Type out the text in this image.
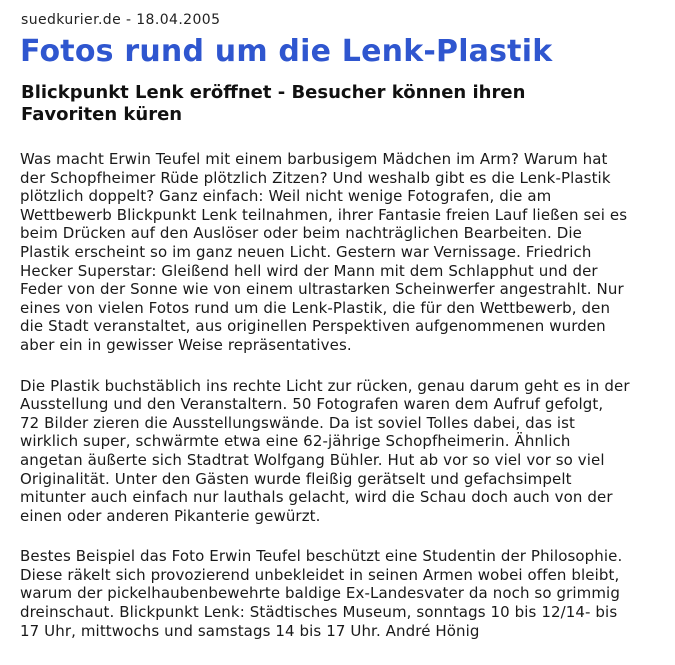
suedkurier.de - 18.04.2005
Fotos rund um die Lenk-Plastik
Blickpunkt Lenk eröffnet - Besucher können ihren
Favoriten küren

Was macht Erwin Teufel mit einem barbusigem Mädchen im Arm? Warum hat
der Schopfheimer Rüde plötzlich Zitzen? Und weshalb gibt es die Lenk-Plastik
plötzlich doppelt? Ganz einfach: Weil nicht wenige Fotografen, die am
Wettbewerb Blickpunkt Lenk teilnahmen, ihrer Fantasie freien Lauf ließen sei es
beim Drücken auf den Auslöser oder beim nachträglichen Bearbeiten. Die
Plastik erscheint so im ganz neuen Licht. Gestern war Vernissage. Friedrich
Hecker Superstar: Gleißend hell wird der Mann mit dem Schlapphut und der
Feder von der Sonne wie von einem ultrastarken Scheinwerfer angestrahlt. Nur
eines von vielen Fotos rund um die Lenk-Plastik, die für den Wettbewerb, den
die Stadt veranstaltet, aus originellen Perspektiven aufgenommenen wurden
aber ein in gewisser Weise repräsentatives.

Die Plastik buchstäblich ins rechte Licht zur rücken, genau darum geht es in der
Ausstellung und den Veranstaltern. 50 Fotografen waren dem Aufruf gefolgt,
72 Bilder zieren die Ausstellungswände. Da ist soviel Tolles dabei, das ist
wirklich super, schwärmte etwa eine 62-jährige Schopfheimerin. Ähnlich
angetan äußerte sich Stadtrat Wolfgang Bühler. Hut ab vor so viel vor so viel
Originalität. Unter den Gästen wurde fleißig gerätselt und gefachsimpelt
mitunter auch einfach nur lauthals gelacht, wird die Schau doch auch von der
einen oder anderen Pikanterie gewürzt.

Bestes Beispiel das Foto Erwin Teufel beschützt eine Studentin der Philosophie.
Diese räkelt sich provozierend unbekleidet in seinen Armen wobei offen bleibt,
warum der pickelhaubenbewehrte baldige Ex-Landesvater da noch so grimmig
dreinschaut. Blickpunkt Lenk: Städtisches Museum, sonntags 10 bis 12/14- bis
17 Uhr, mittwochs und samstags 14 bis 17 Uhr. André Hönig
